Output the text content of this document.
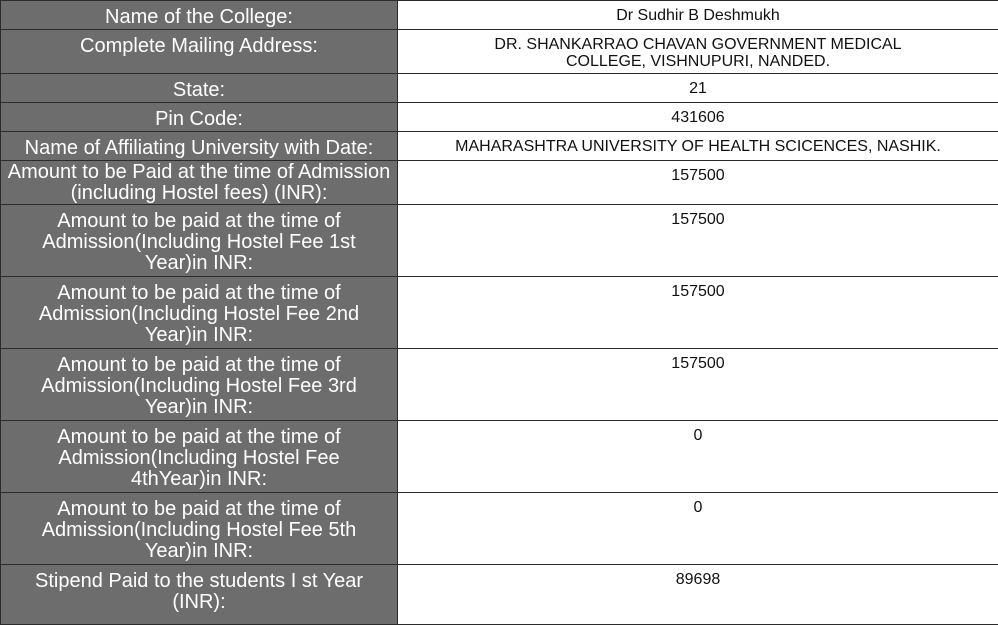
Name of the College:	Dr Sudhir B Deshmukh

Complete Mailing Address:	DR. SHANKARRAO CHAVAN GOVERNMENT MEDICAL COLLEGE, VISHNUPURI, NANDED.

State:	21

Pin Code:	431606

Name of Affiliating University with Date:	MAHARASHTRA UNIVERSITY OF HEALTH SCICENCES, NASHIK.

Amount to be Paid at the time of Admission (including Hostel fees) (INR):	157500

Amount to be paid at the time of Admission(Including Hostel Fee 1st Year)in INR:	157500

Amount to be paid at the time of Admission(Including Hostel Fee 2nd Year)in INR:	157500

Amount to be paid at the time of Admission(Including Hostel Fee 3rd Year)in INR:	157500

Amount to be paid at the time of Admission(Including Hostel Fee 4thYear)in INR:	0

Amount to be paid at the time of Admission(Including Hostel Fee 5th Year)in INR:	0

Stipend Paid to the students I st Year (INR):	89698
